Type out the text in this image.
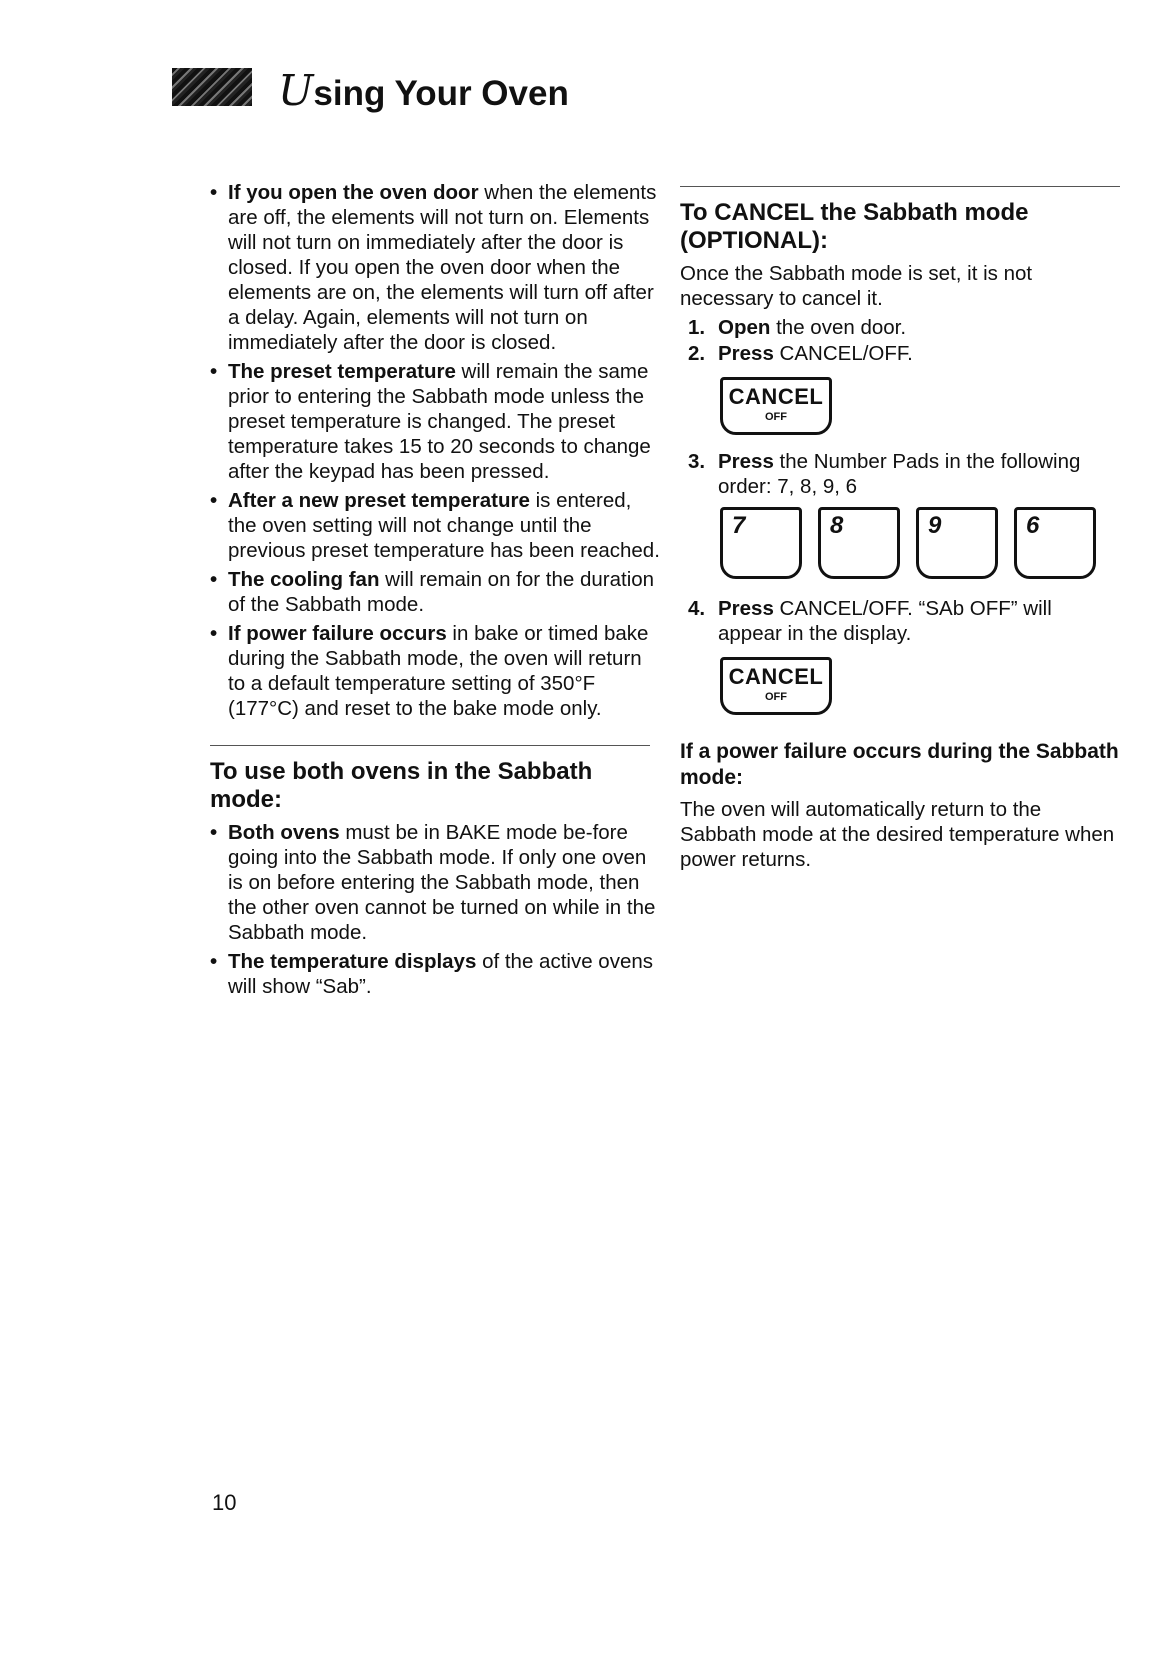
Using Your Oven
• If you open the oven door when the elements are off, the elements will not turn on. Elements will not turn on immediately after the door is closed. If you open the oven door when the elements are on, the elements will turn off after a delay. Again, elements will not turn on immediately after the door is closed.
• The preset temperature will remain the same prior to entering the Sabbath mode unless the preset temperature is changed. The preset temperature takes 15 to 20 seconds to change after the keypad has been pressed.
• After a new preset temperature is entered, the oven setting will not change until the previous preset temperature has been reached.
• The cooling fan will remain on for the duration of the Sabbath mode.
• If power failure occurs in bake or timed bake during the Sabbath mode, the oven will return to a default temperature setting of 350°F (177°C) and reset to the bake mode only.
To use both ovens in the Sabbath mode:
• Both ovens must be in BAKE mode be-fore going into the Sabbath mode. If only one oven is on before entering the Sabbath mode, then the other oven cannot be turned on while in the Sabbath mode.
• The temperature displays of the active ovens will show “Sab”.
To CANCEL the Sabbath mode (OPTIONAL):

Once the Sabbath mode is set, it is not necessary to cancel it.

1. Open the oven door.
2. Press CANCEL/OFF.
CANCEL
OFF
3. Press the Number Pads in the following order: 7, 8, 9, 6
7	8	9	6
4. Press CANCEL/OFF. “SAb OFF” will appear in the display.
CANCEL
OFF
If a power failure occurs during the Sabbath mode:

The oven will automatically return to the Sabbath mode at the desired temperature when power returns.

10
